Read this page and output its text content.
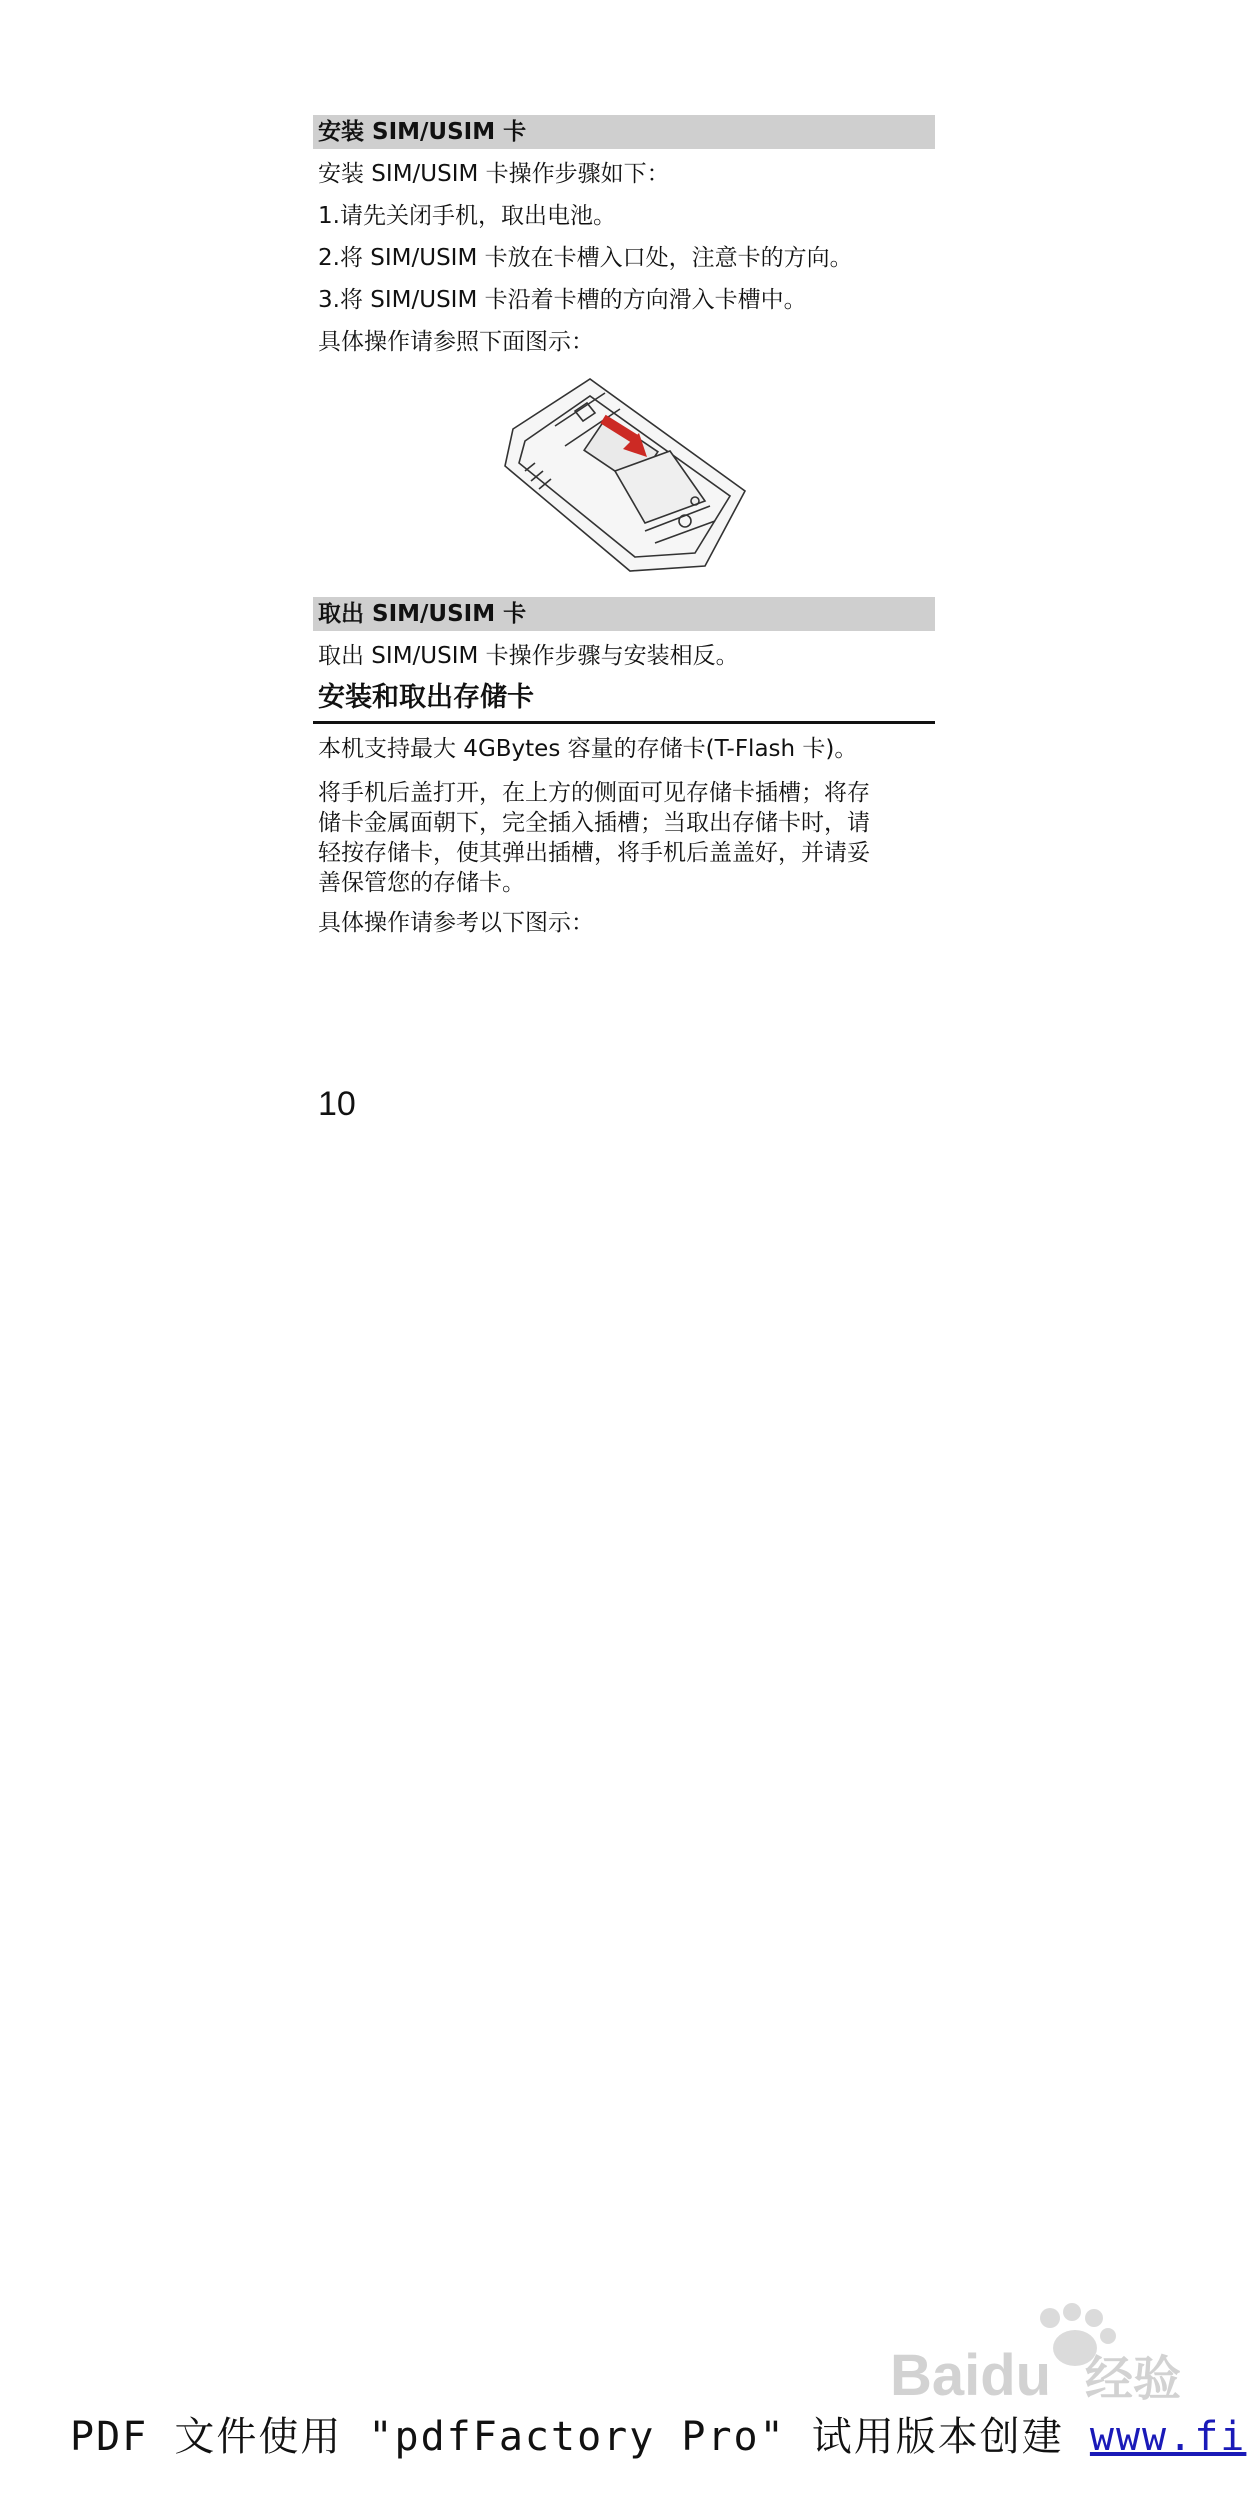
安装 SIM/USIM 卡
安装 SIM/USIM 卡操作步骤如下：
1.请先关闭手机，取出电池。
2.将 SIM/USIM 卡放在卡槽入口处，注意卡的方向。
3.将 SIM/USIM 卡沿着卡槽的方向滑入卡槽中。
具体操作请参照下面图示：
取出 SIM/USIM 卡
取出 SIM/USIM 卡操作步骤与安装相反。
安装和取出存储卡
本机支持最大 4GBytes 容量的存储卡(T-Flash 卡)。
将手机后盖打开，在上方的侧面可见存储卡插槽；将存
储卡金属面朝下，完全插入插槽；当取出存储卡时，请
轻按存储卡，使其弹出插槽，将手机后盖盖好，并请妥
善保管您的存储卡。
具体操作请参考以下图示：
10
Baidu 经验
PDF 文件使用 "pdfFactory Pro" 试用版本创建 www.fi
